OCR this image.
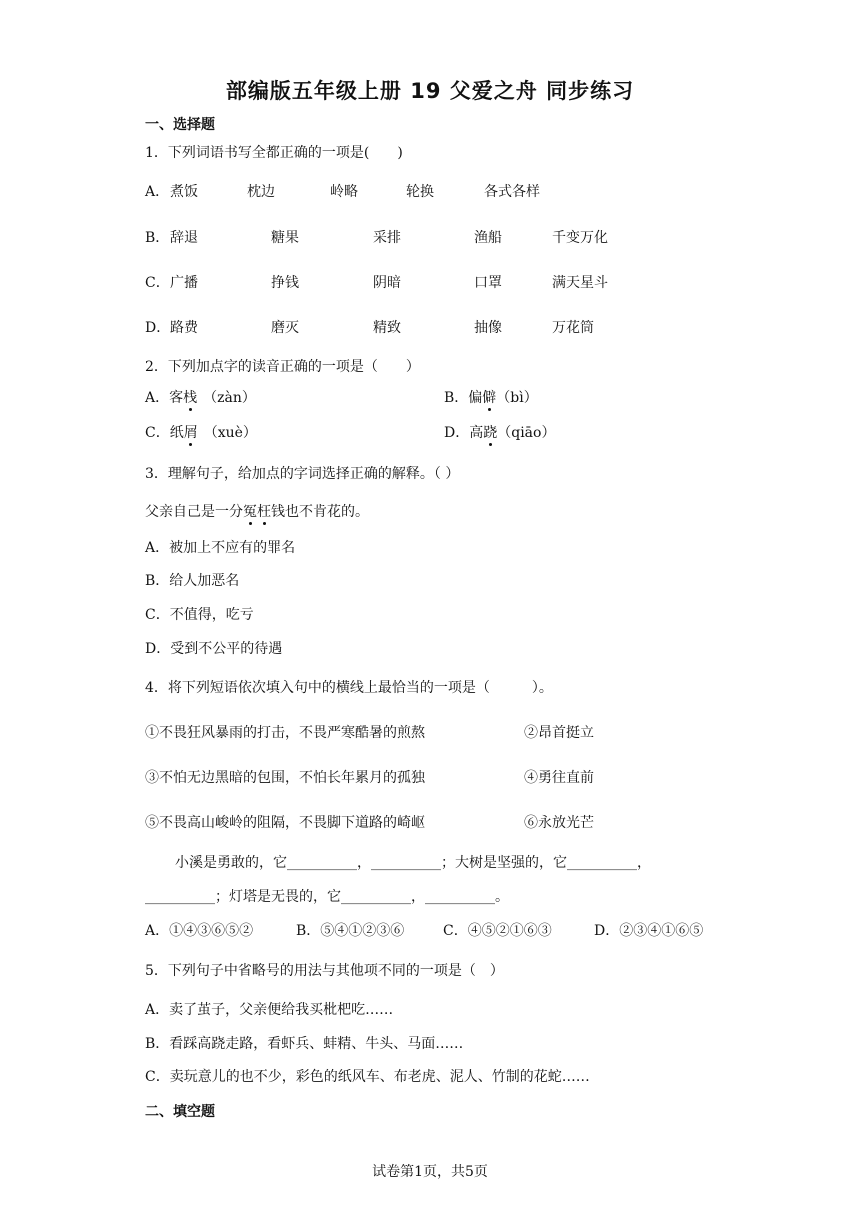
部编版五年级上册 19 父爱之舟 同步练习
一、选择题
1．下列词语书写全都正确的一项是(　　)
A． 煮饭	枕边	岭略	轮换	各式各样
B． 辞退	糖果	采排	渔船	千变万化
C． 广播	挣钱	阴暗	口罩	满天星斗
D． 路费	磨灭	精致	抽像	万花筒
2．下列加点字的读音正确的一项是（　　）
A．客栈 （zàn）	B．偏僻（bì）
C．纸屑 （xuè）	D．高跷（qiāo）
3．理解句子，给加点的字词选择正确的解释。（ ）
父亲自己是一分冤枉钱也不肯花的。
A．被加上不应有的罪名
B．给人加恶名
C．不值得，吃亏
D．受到不公平的待遇
4．将下列短语依次填入句中的横线上最恰当的一项是（　　　）。
①不畏狂风暴雨的打击，不畏严寒酷暑的煎熬	②昂首挺立
③不怕无边黑暗的包围，不怕长年累月的孤独	④勇往直前
⑤不畏高山峻岭的阻隔，不畏脚下道路的崎岖	⑥永放光芒
小溪是勇敢的，它__________，__________；大树是坚强的，它__________，
__________；灯塔是无畏的，它__________，__________。
A．①④③⑥⑤②	B．⑤④①②③⑥	C．④⑤②①⑥③	D．②③④①⑥⑤
5．下列句子中省略号的用法与其他项不同的一项是（　）
A．卖了茧子，父亲便给我买枇杷吃……
B．看踩高跷走路，看虾兵、蚌精、牛头、马面……
C．卖玩意儿的也不少，彩色的纸风车、布老虎、泥人、竹制的花蛇……
二、填空题
试卷第1页，共5页
